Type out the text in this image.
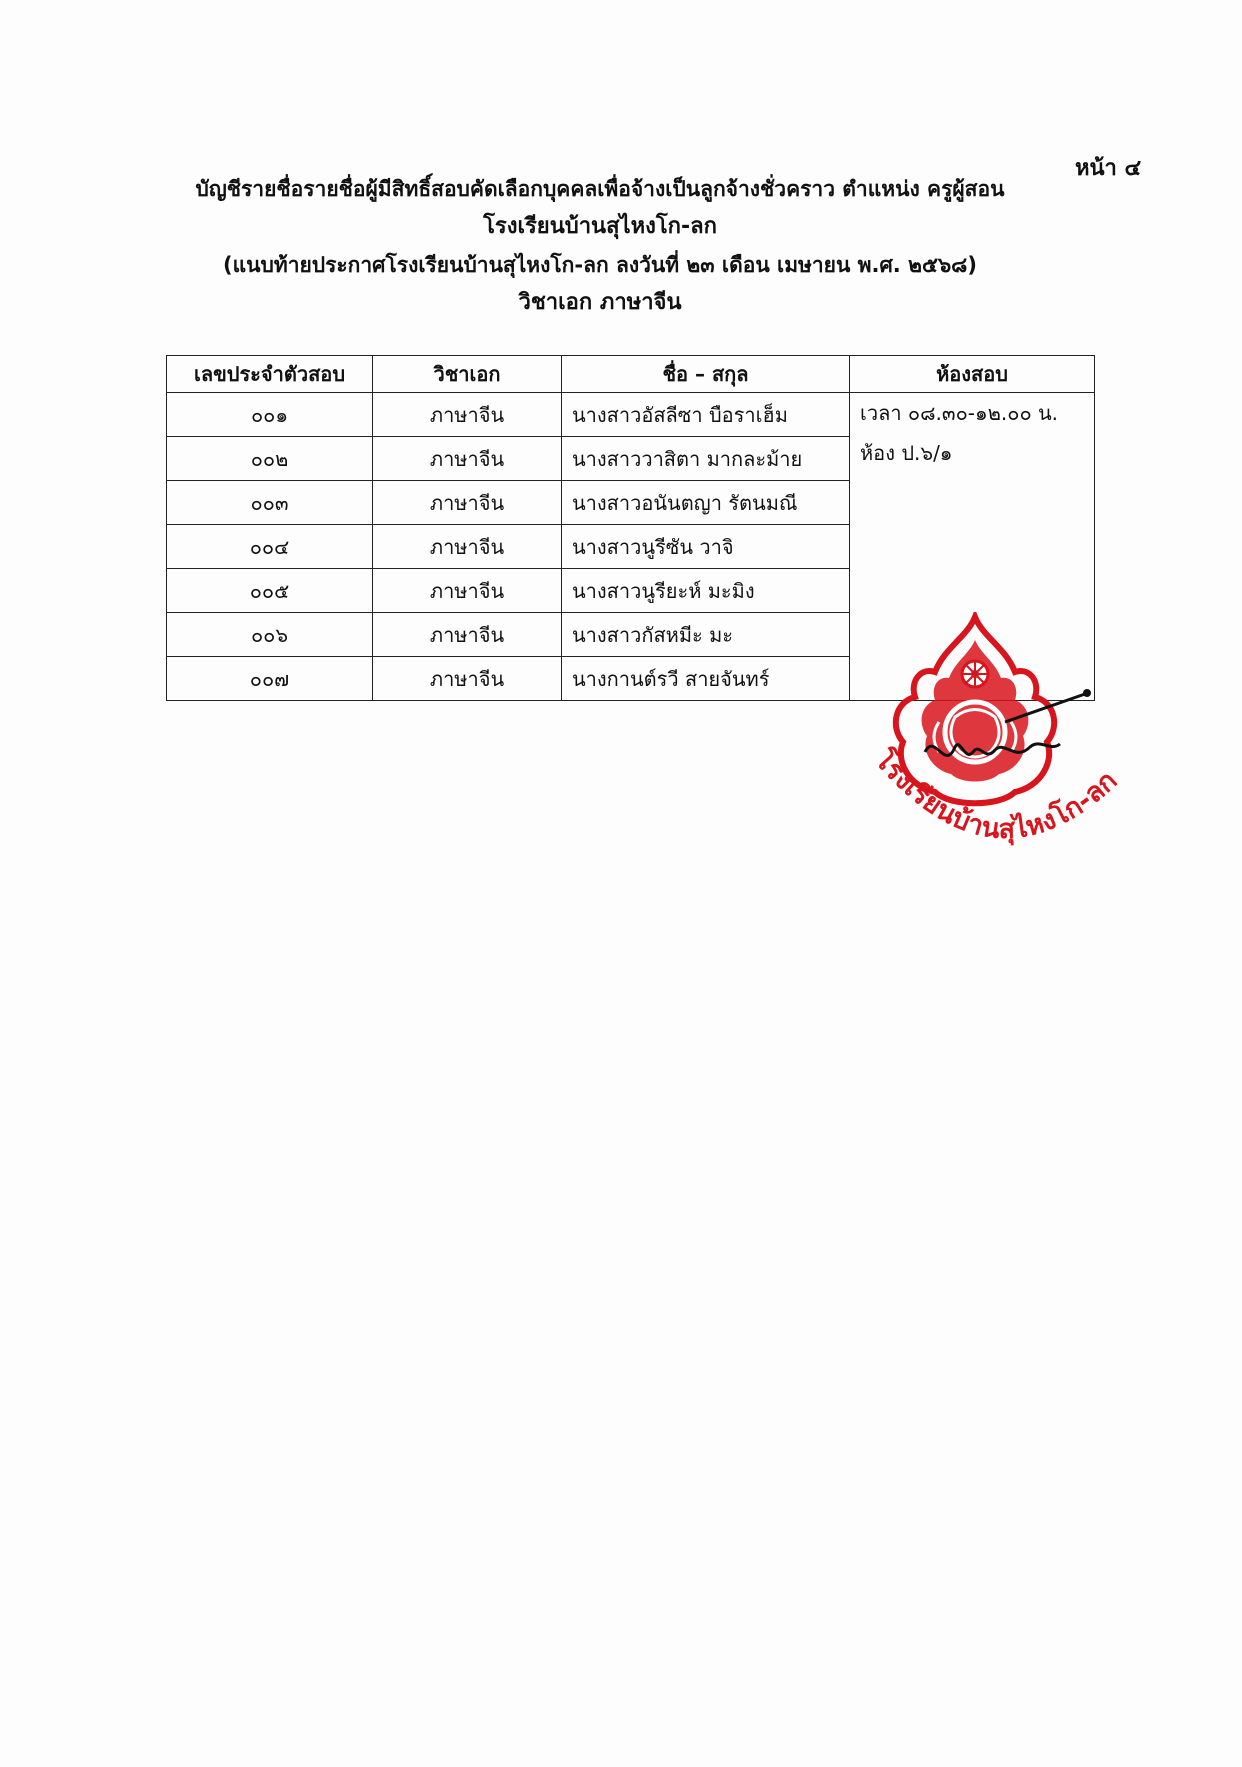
หน้า ๔
บัญชีรายชื่อรายชื่อผู้มีสิทธิ์สอบคัดเลือกบุคคลเพื่อจ้างเป็นลูกจ้างชั่วคราว ตำแหน่ง ครูผู้สอน
โรงเรียนบ้านสุไหงโก-ลก
(แนบท้ายประกาศโรงเรียนบ้านสุไหงโก-ลก ลงวันที่ ๒๓ เดือน เมษายน พ.ศ. ๒๕๖๘)
วิชาเอก ภาษาจีน
เลขประจำตัวสอบ	วิชาเอก	ชื่อ – สกุล	ห้องสอบ
๐๐๑	ภาษาจีน	นางสาวอัสลีซา บือราเฮ็ม	เวลา ๐๘.๓๐-๑๒.๐๐ น.
ห้อง ป.๖/๑

๐๐๒	ภาษาจีน	นางสาววาสิตา มากละม้าย	
๐๐๓	ภาษาจีน	นางสาวอนันตญา รัตนมณี	
๐๐๔	ภาษาจีน	นางสาวนูรีซัน วาจิ	
๐๐๕	ภาษาจีน	นางสาวนูรียะห์ มะมิง	
๐๐๖	ภาษาจีน	นางสาวกัสหมีะ มะ	
๐๐๗	ภาษาจีน	นางกานต์รวี สายจันทร์	
โรงเรียนบ้านสุไหงโก-ลก
